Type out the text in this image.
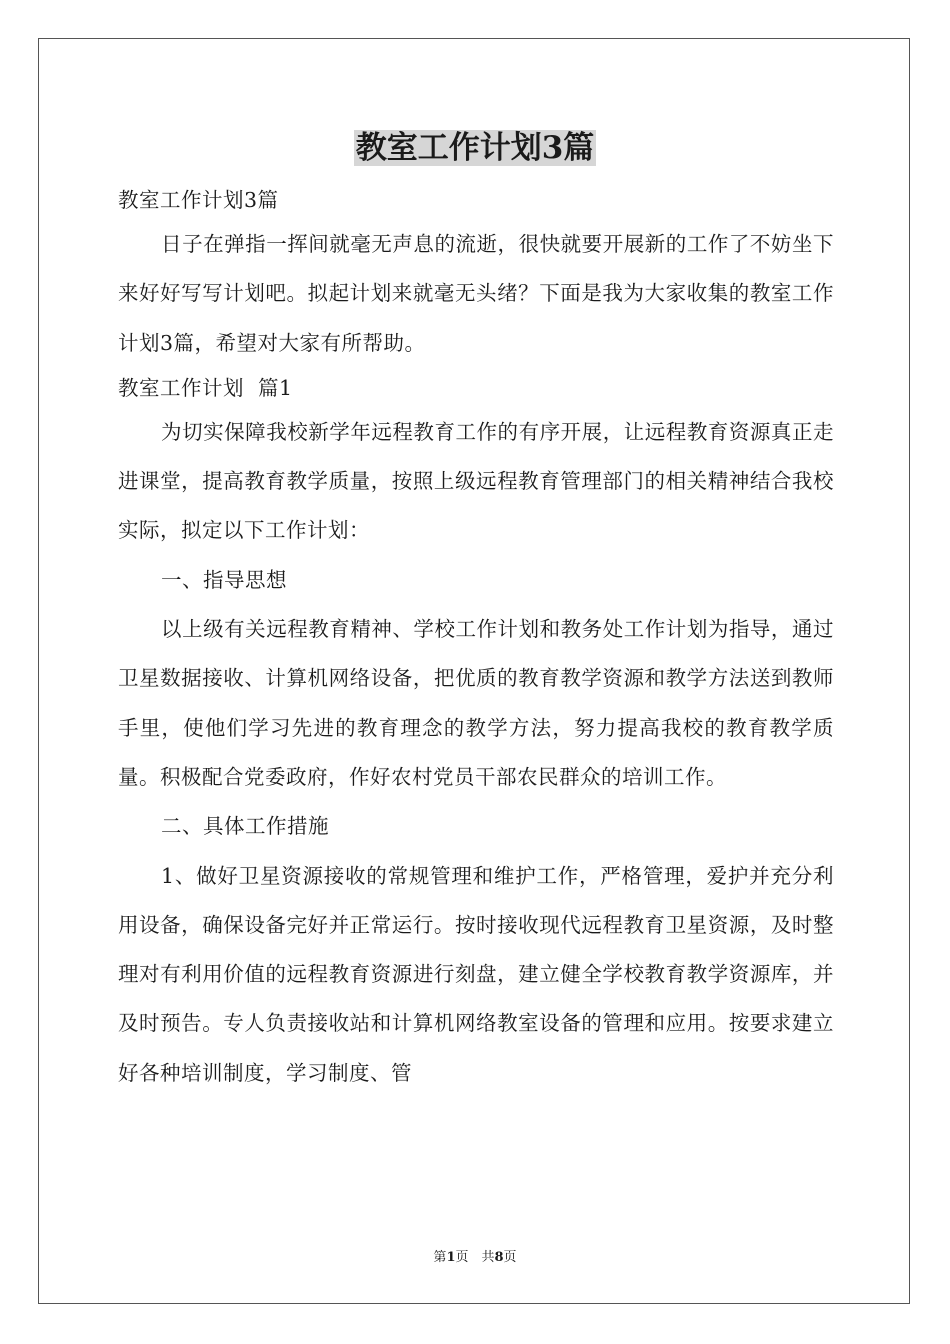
教室工作计划3篇

教室工作计划3篇

日子在弹指一挥间就毫无声息的流逝，很快就要开展新的工作了不妨坐下来好好写写计划吧。拟起计划来就毫无头绪？下面是我为大家收集的教室工作计划3篇，希望对大家有所帮助。

教室工作计划  篇1

为切实保障我校新学年远程教育工作的有序开展，让远程教育资源真正走进课堂，提高教育教学质量，按照上级远程教育管理部门的相关精神结合我校实际，拟定以下工作计划：

一、指导思想

以上级有关远程教育精神、学校工作计划和教务处工作计划为指导，通过卫星数据接收、计算机网络设备，把优质的教育教学资源和教学方法送到教师手里，使他们学习先进的教育理念的教学方法，努力提高我校的教育教学质量。积极配合党委政府，作好农村党员干部农民群众的培训工作。

二、具体工作措施

1、做好卫星资源接收的常规管理和维护工作，严格管理，爱护并充分利用设备，确保设备完好并正常运行。按时接收现代远程教育卫星资源，及时整理对有利用价值的远程教育资源进行刻盘，建立健全学校教育教学资源库，并及时预告。专人负责接收站和计算机网络教室设备的管理和应用。按要求建立好各种培训制度，学习制度、管

第1页　共8页
